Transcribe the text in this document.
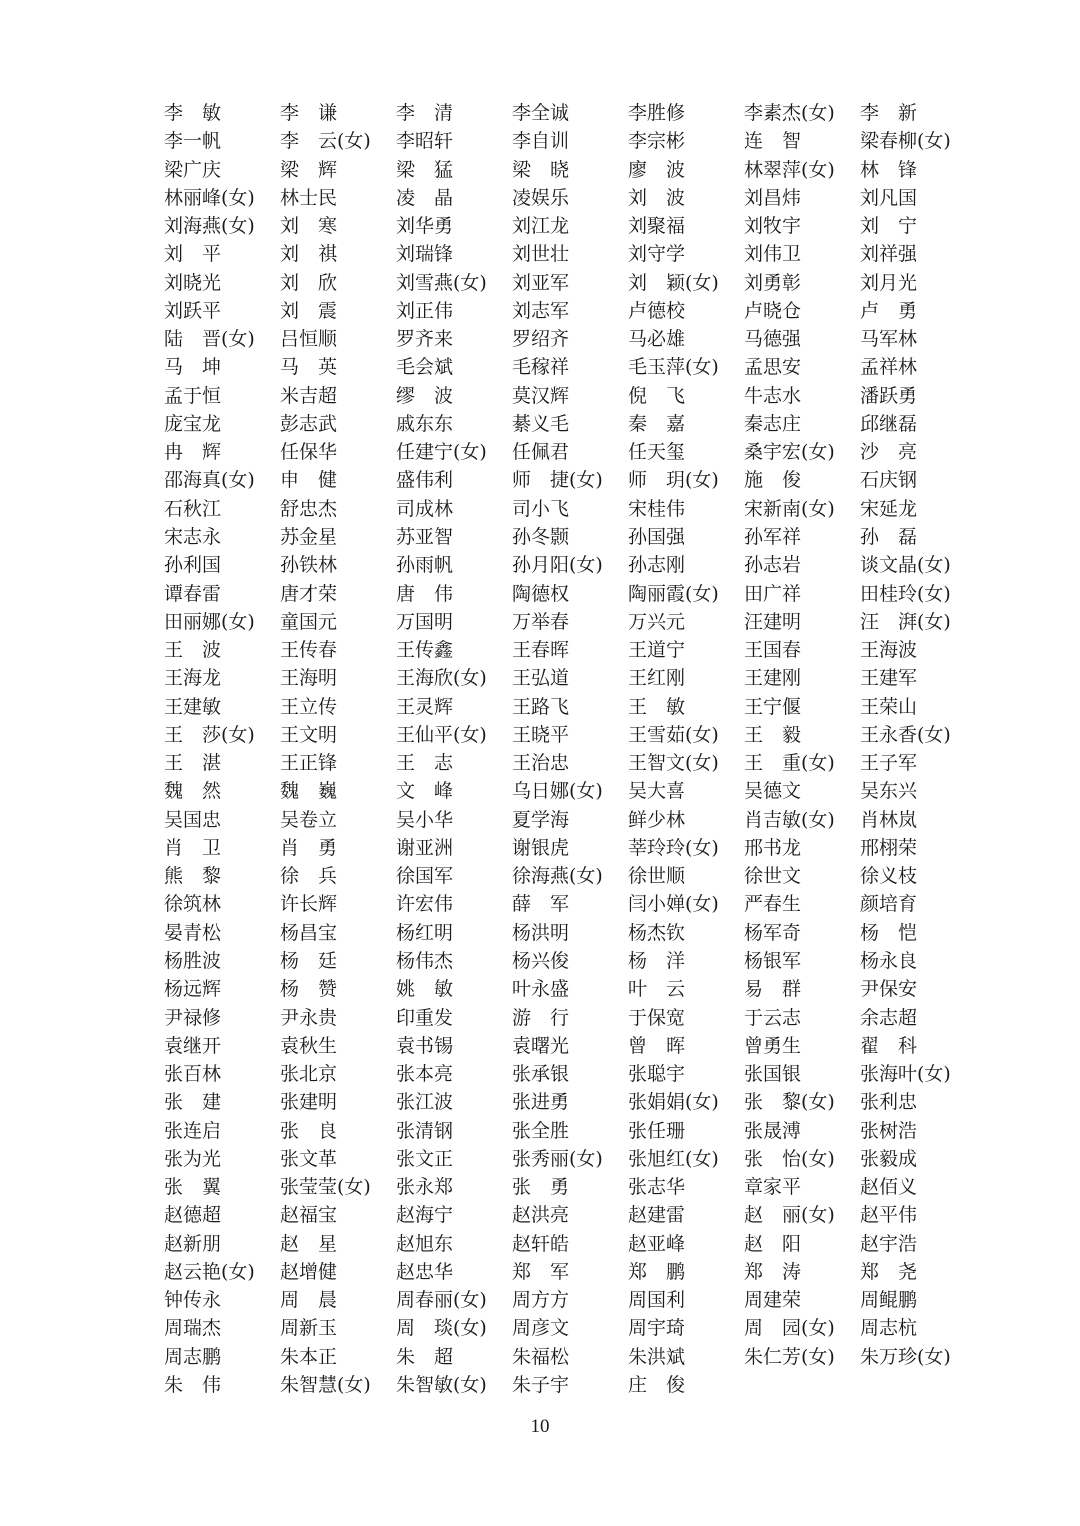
李　敏	李　谦	李　清	李全诚	李胜修	李素杰(女)	李　新
李一帆	李　云(女)	李昭轩	李自训	李宗彬	连　智	梁春柳(女)
梁广庆	梁　辉	梁　猛	梁　晓	廖　波	林翠萍(女)	林　锋
林丽峰(女)	林士民	凌　晶	凌娱乐	刘　波	刘昌炜	刘凡国
刘海燕(女)	刘　寒	刘华勇	刘江龙	刘聚福	刘牧宇	刘　宁
刘　平	刘　祺	刘瑞锋	刘世壮	刘守学	刘伟卫	刘祥强
刘晓光	刘　欣	刘雪燕(女)	刘亚军	刘　颖(女)	刘勇彰	刘月光
刘跃平	刘　震	刘正伟	刘志军	卢德校	卢晓仓	卢　勇
陆　晋(女)	吕恒顺	罗齐来	罗绍齐	马必雄	马德强	马军林
马　坤	马　英	毛会斌	毛稼祥	毛玉萍(女)	孟思安	孟祥林
孟于恒	米吉超	缪　波	莫汉辉	倪　飞	牛志水	潘跃勇
庞宝龙	彭志武	戚东东	綦义毛	秦　嘉	秦志庄	邱继磊
冉　辉	任保华	任建宁(女)	任佩君	任天玺	桑宇宏(女)	沙　亮
邵海真(女)	申　健	盛伟利	师　捷(女)	师　玥(女)	施　俊	石庆钢
石秋江	舒忠杰	司成林	司小飞	宋桂伟	宋新南(女)	宋延龙
宋志永	苏金星	苏亚智	孙冬颢	孙国强	孙军祥	孙　磊
孙利国	孙铁林	孙雨帆	孙月阳(女)	孙志刚	孙志岩	谈文晶(女)
谭春雷	唐才荣	唐　伟	陶德权	陶丽霞(女)	田广祥	田桂玲(女)
田丽娜(女)	童国元	万国明	万举春	万兴元	汪建明	汪　湃(女)
王　波	王传春	王传鑫	王春晖	王道宁	王国春	王海波
王海龙	王海明	王海欣(女)	王弘道	王红刚	王建刚	王建军
王建敏	王立传	王灵辉	王路飞	王　敏	王宁偃	王荣山
王　莎(女)	王文明	王仙平(女)	王晓平	王雪茹(女)	王　毅	王永香(女)
王　湛	王正锋	王　志	王治忠	王智文(女)	王　重(女)	王子军
魏　然	魏　巍	文　峰	乌日娜(女)	吴大喜	吴德文	吴东兴
吴国忠	吴卷立	吴小华	夏学海	鲜少林	肖吉敏(女)	肖林岚
肖　卫	肖　勇	谢亚洲	谢银虎	莘玲玲(女)	邢书龙	邢栩荣
熊　黎	徐　兵	徐国军	徐海燕(女)	徐世顺	徐世文	徐义枝
徐筑林	许长辉	许宏伟	薛　军	闫小婵(女)	严春生	颜培育
晏青松	杨昌宝	杨红明	杨洪明	杨杰钦	杨军奇	杨　恺
杨胜波	杨　廷	杨伟杰	杨兴俊	杨　洋	杨银军	杨永良
杨远辉	杨　赞	姚　敏	叶永盛	叶　云	易　群	尹保安
尹禄修	尹永贵	印重发	游　行	于保宽	于云志	余志超
袁继开	袁秋生	袁书锡	袁曙光	曾　晖	曾勇生	翟　科
张百林	张北京	张本亮	张承银	张聪宇	张国银	张海叶(女)
张　建	张建明	张江波	张进勇	张娟娟(女)	张　黎(女)	张利忠
张连启	张　良	张清钢	张全胜	张任珊	张晟溥	张树浩
张为光	张文革	张文正	张秀丽(女)	张旭红(女)	张　怡(女)	张毅成
张　翼	张莹莹(女)	张永郑	张　勇	张志华	章家平	赵佰义
赵德超	赵福宝	赵海宁	赵洪亮	赵建雷	赵　丽(女)	赵平伟
赵新朋	赵　星	赵旭东	赵轩皓	赵亚峰	赵　阳	赵宇浩
赵云艳(女)	赵增健	赵忠华	郑　军	郑　鹏	郑　涛	郑　尧
钟传永	周　晨	周春丽(女)	周方方	周国利	周建荣	周鲲鹏
周瑞杰	周新玉	周　琰(女)	周彦文	周宇琦	周　园(女)	周志杭
周志鹏	朱本正	朱　超	朱福松	朱洪斌	朱仁芳(女)	朱万珍(女)
朱　伟	朱智慧(女)	朱智敏(女)	朱子宇	庄　俊
10
